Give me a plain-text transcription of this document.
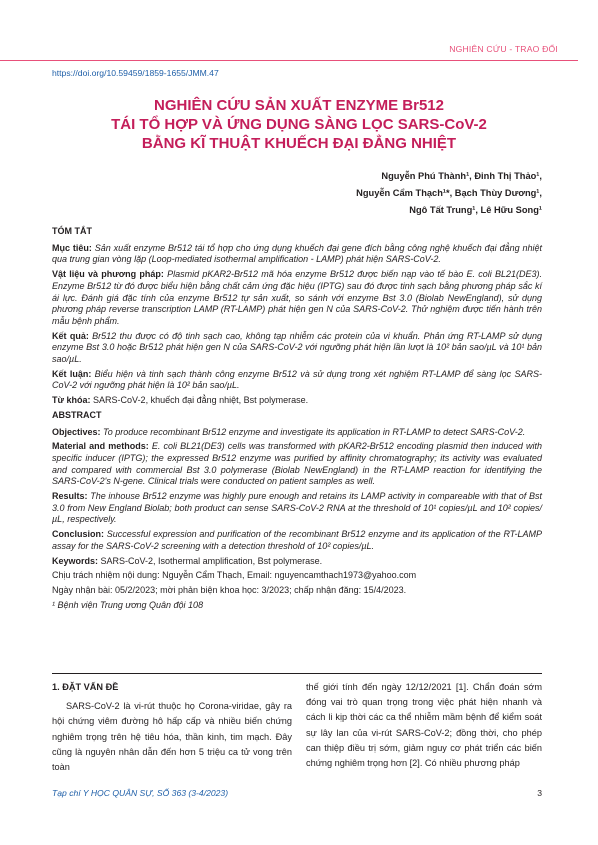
NGHIÊN CỨU - TRAO ĐỔI
https://doi.org/10.59459/1859-1655/JMM.47
NGHIÊN CỨU SẢN XUẤT ENZYME Br512
TÁI TỔ HỢP VÀ ỨNG DỤNG SÀNG LỌC SARS-CoV-2
BẰNG KĨ THUẬT KHUẾCH ĐẠI ĐẲNG NHIỆT
Nguyễn Phú Thành¹, Đinh Thị Thảo¹,
Nguyễn Cẩm Thạch¹*, Bạch Thùy Dương¹,
Ngô Tất Trung¹, Lê Hữu Song¹
TÓM TẮT

Mục tiêu: Sản xuất enzyme Br512 tái tổ hợp cho ứng dụng khuếch đại gene đích bằng công nghệ khuếch đại đẳng nhiệt qua trung gian vòng lặp (Loop-mediated isothermal amplification - LAMP) phát hiện SARS-CoV-2.

Vật liệu và phương pháp: Plasmid pKAR2-Br512 mã hóa enzyme Br512 được biến nạp vào tế bào E. coli BL21(DE3). Enzyme Br512 từ đó được biểu hiện bằng chất cảm ứng đặc hiệu (IPTG) sau đó được tinh sạch bằng phương pháp sắc kí ái lực. Đánh giá đặc tính của enzyme Br512 tự sản xuất, so sánh với enzyme Bst 3.0 (Biolab NewEngland), sử dụng phương pháp reverse transcription LAMP (RT-LAMP) phát hiện gen N của SARS-CoV-2. Thử nghiệm được tiến hành trên mẫu bệnh phẩm.

Kết quả: Br512 thu được có độ tinh sạch cao, không tạp nhiễm các protein của vi khuẩn. Phản ứng RT-LAMP sử dụng enzyme Bst 3.0 hoặc Br512 phát hiện gen N của SARS-CoV-2 với ngưỡng phát hiện lần lượt là 10² bản sao/µL và 10¹ bản sao/µL.

Kết luận: Biểu hiện và tinh sạch thành công enzyme Br512 và sử dụng trong xét nghiệm RT-LAMP để sàng lọc SARS-CoV-2 với ngưỡng phát hiện là 10² bản sao/µL.

Từ khóa: SARS-CoV-2, khuếch đại đẳng nhiệt, Bst polymerase.

ABSTRACT

Objectives: To produce recombinant Br512 enzyme and investigate its application in RT-LAMP to detect SARS-CoV-2.

Material and methods: E. coli BL21(DE3) cells was transformed with pKAR2-Br512 encoding plasmid then induced with specific inducer (IPTG); the expressed Br512 enzyme was purified by affinity chromatography; its activity was evaluated and compared with commercial Bst 3.0 polymerase (Biolab NewEngland) in the RT-LAMP reaction for identifying the SARS-CoV-2's N-gene. Clinical trials were conducted on patient samples as well.

Results: The inhouse Br512 enzyme was highly pure enough and retains its LAMP activity in compareable with that of Bst 3.0 from New England Biolab; both product can sense SARS-CoV-2 RNA at the threshold of 10¹ copies/µL and 10² copies/µL, respectively.

Conclusion: Successful expression and purification of the recombinant Br512 enzyme and its application of the RT-LAMP assay for the SARS-CoV-2 screening with a detection threshold of 10² copies/µL.

Keywords: SARS-CoV-2, Isothermal amplification, Bst polymerase.

Chịu trách nhiệm nội dung: Nguyễn Cẩm Thạch, Email: nguyencamthach1973@yahoo.com

Ngày nhận bài: 05/2/2023; mời phản biện khoa học: 3/2023; chấp nhận đăng: 15/4/2023.

¹ Bệnh viện Trung ương Quân đội 108

1. ĐẶT VẤN ĐỀ

SARS-CoV-2 là vi-rút thuộc họ Corona-viridae, gây ra hội chứng viêm đường hô hấp cấp và nhiều biến chứng nghiêm trọng trên hệ tiêu hóa, thần kinh, tim mạch. Đây cũng là nguyên nhân dẫn đến hơn 5 triệu ca tử vong trên toàn

thế giới tính đến ngày 12/12/2021 [1]. Chẩn đoán sớm đóng vai trò quan trọng trong việc phát hiện nhanh và cách li kịp thời các ca thể nhiễm mầm bệnh để kiểm soát sự lây lan của vi-rút SARS-CoV-2; đồng thời, cho phép can thiệp điều trị sớm, giảm nguy cơ phát triển các biến chứng nghiêm trọng hơn [2]. Có nhiều phương pháp

Tạp chí Y HỌC QUÂN SỰ, SỐ 363 (3-4/2023)	3
